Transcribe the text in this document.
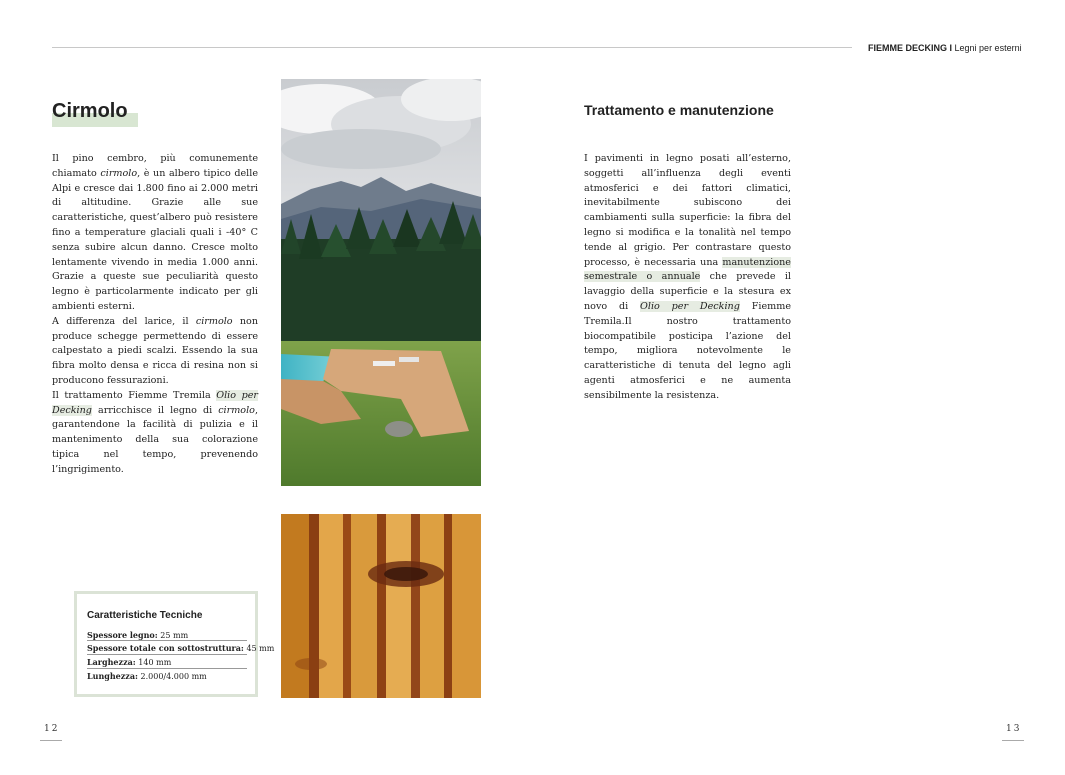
FIEMME DECKING I Legni per esterni
Cirmolo

Il pino cembro, più comunemente chiamato cirmolo, è un albero tipico delle Alpi e cresce dai 1.800 fino ai 2.000 metri di altitudine. Grazie alle sue caratteristiche, quest’albero può resistere fino a temperature glaciali quali i -40° C senza subire alcun danno. Cresce molto lentamente vivendo in media 1.000 anni. Grazie a queste sue peculiarità questo legno è particolarmente indicato per gli ambienti esterni.

A differenza del larice, il cirmolo non produce schegge permettendo di essere calpestato a piedi scalzi. Essendo la sua fibra molto densa e ricca di resina non si producono fessurazioni.

Il trattamento Fiemme Tremila Olio per Decking arricchisce il legno di cirmolo, garantendone la facilità di pulizia e il mantenimento della sua colorazione tipica nel tempo, prevenendo l’ingrigimento.

Trattamento e manutenzione

I pavimenti in legno posati all’esterno, soggetti all’influenza degli eventi atmosferici e dei fattori climatici, inevitabilmente subiscono dei cambiamenti sulla superficie: la fibra del legno si modifica e la tonalità nel tempo tende al grigio. Per contrastare questo processo, è necessaria una manutenzione semestrale o annuale che prevede il lavaggio della superficie e la stesura ex novo di Olio per Decking Fiemme Tremila.Il nostro trattamento biocompatibile posticipa l’azione del tempo, migliora notevolmente le caratteristiche di tenuta del legno agli agenti atmosferici e ne aumenta sensibilmente la resistenza.

Caratteristiche Tecniche
Spessore legno: 25 mm
Spessore totale con sottostruttura: 45 mm
Larghezza: 140 mm
Lunghezza: 2.000/4.000 mm
12	13
